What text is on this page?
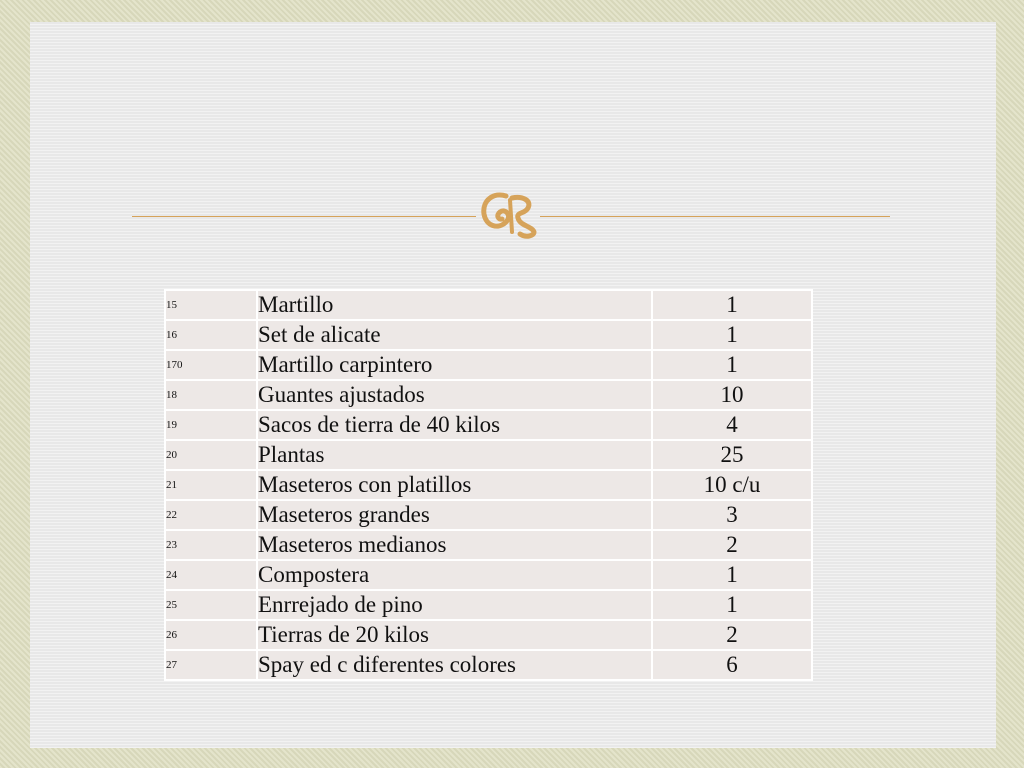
15	Martillo	1
16	Set de alicate	1
170	Martillo carpintero	1
18	Guantes ajustados	10
19	Sacos de tierra de 40 kilos	4
20	Plantas	25
21	Maseteros con platillos	10 c/u
22	Maseteros grandes	3
23	Maseteros medianos	2
24	Compostera	1
25	Enrrejado de pino	1
26	Tierras de 20 kilos	2
27	Spay ed c diferentes colores	6
